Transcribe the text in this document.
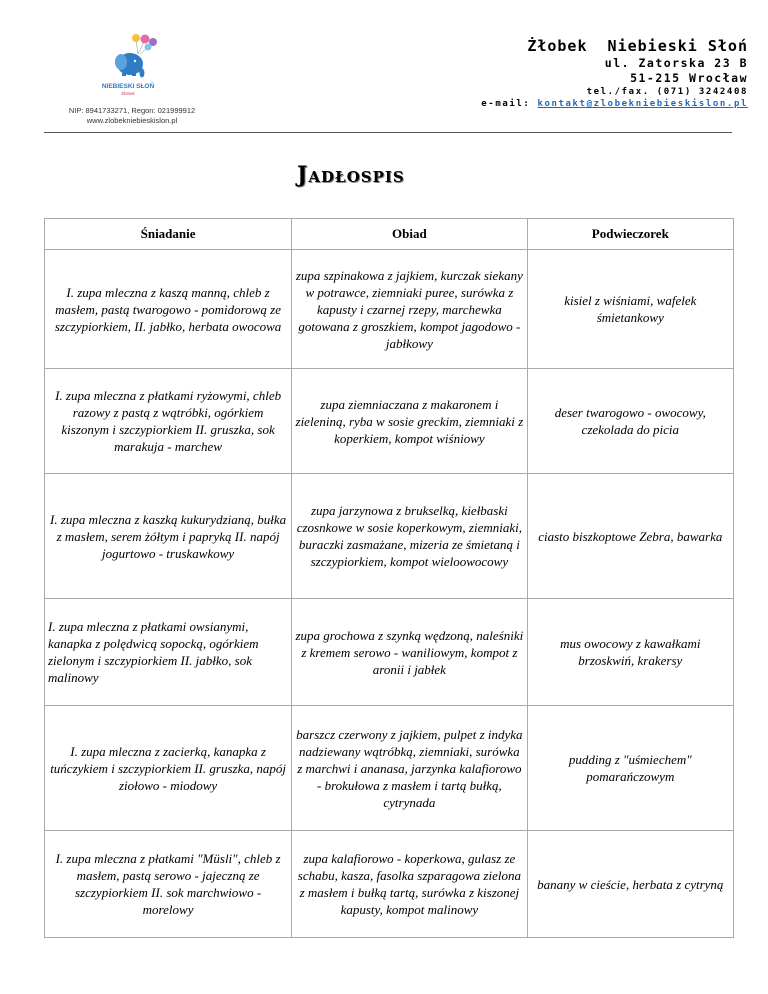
NIEBIESKI SŁOŃ
Żłobek
NIP: 8941733271, Regon: 021999912
www.zlobekniebieskislon.pl
Żłobek  Niebieski Słoń
ul. Zatorska 23 B
51-215 Wrocław
tel./fax. (071) 3242408
e-mail: kontakt@zlobekniebieskislon.pl
Jadłospis
Śniadanie	Obiad	Podwieczorek
I. zupa mleczna z kaszą manną, chleb z masłem, pastą twarogowo - pomidorową ze szczypiorkiem, II. jabłko, herbata owocowa	zupa szpinakowa z jajkiem, kurczak siekany w potrawce, ziemniaki puree, surówka z kapusty i czarnej rzepy, marchewka gotowana z groszkiem, kompot jagodowo - jabłkowy	kisiel z wiśniami, wafelek śmietankowy
I. zupa mleczna z płatkami ryżowymi, chleb razowy z pastą z wątróbki, ogórkiem kiszonym i szczypiorkiem II. gruszka, sok marakuja - marchew	zupa ziemniaczana z makaronem i zieleniną, ryba w sosie greckim, ziemniaki z koperkiem, kompot wiśniowy	deser twarogowo - owocowy, czekolada do picia
I. zupa mleczna z kaszką kukurydzianą, bułka z masłem, serem żółtym i papryką II. napój jogurtowo - truskawkowy	zupa jarzynowa z brukselką, kiełbaski czosnkowe w sosie koperkowym, ziemniaki, buraczki zasmażane, mizeria ze śmietaną i szczypiorkiem, kompot wieloowocowy	ciasto biszkoptowe Zebra, bawarka
I. zupa mleczna z płatkami owsianymi, kanapka z polędwicą sopocką, ogórkiem zielonym i szczypiorkiem II. jabłko, sok malinowy	zupa grochowa z szynką wędzoną, naleśniki z kremem serowo - waniliowym, kompot z aronii i jabłek	mus owocowy z kawałkami brzoskwiń, krakersy
I. zupa mleczna z zacierką, kanapka z tuńczykiem i szczypiorkiem II. gruszka, napój ziołowo - miodowy	barszcz czerwony z jajkiem, pulpet z indyka nadziewany wątróbką, ziemniaki, surówka z marchwi i ananasa, jarzynka kalafiorowo - brokułowa z masłem i tartą bułką, cytrynada	pudding z "uśmiechem" pomarańczowym
I. zupa mleczna z płatkami "Müsli", chleb z masłem, pastą serowo - jajeczną ze szczypiorkiem II. sok marchwiowo - morelowy	zupa kalafiorowo - koperkowa, gulasz ze schabu, kasza, fasolka szparagowa zielona z masłem i bułką tartą, surówka z kiszonej kapusty, kompot malinowy	banany w cieście, herbata z cytryną
